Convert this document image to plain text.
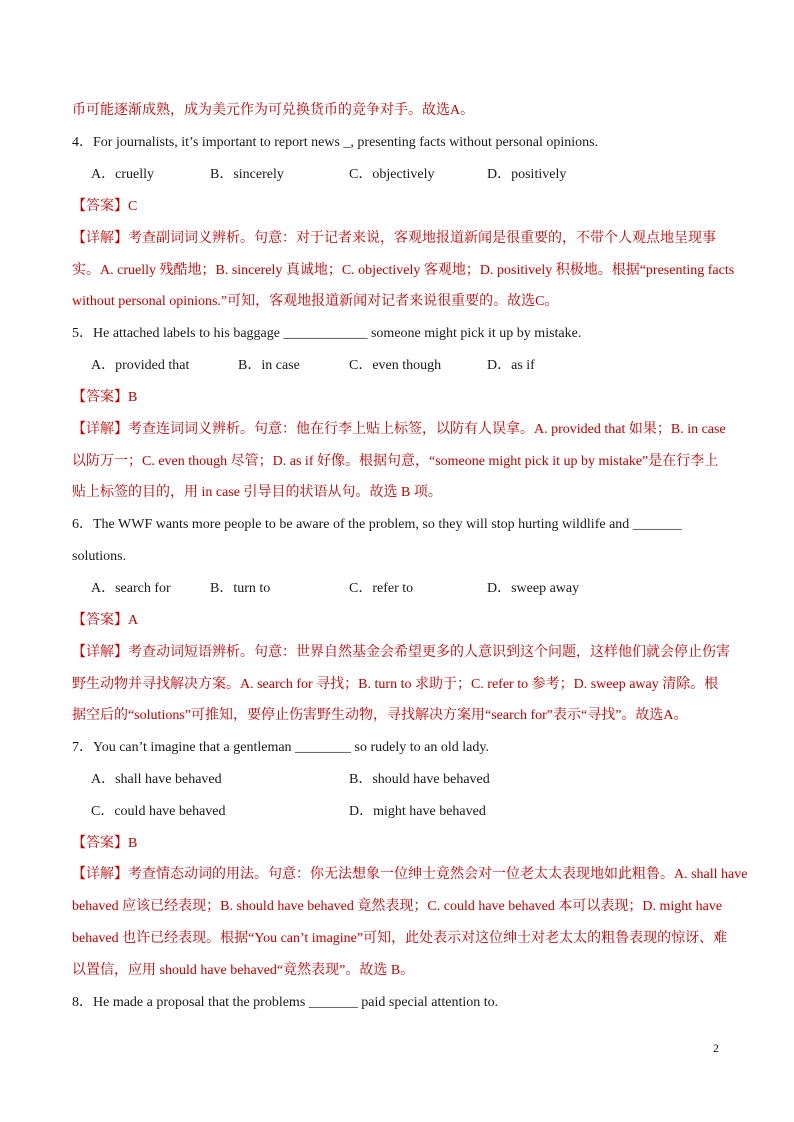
币可能逐渐成熟，成为美元作为可兑换货币的竞争对手。故选A。
4．For journalists, it’s important to report news _, presenting facts without personal opinions.
A．cruelly	B．sincerely	C．objectively	D．positively
【答案】C
【详解】考查副词词义辨析。句意：对于记者来说，客观地报道新闻是很重要的，不带个人观点地呈现事
实。A. cruelly 残酷地；B. sincerely 真诚地；C. objectively 客观地；D. positively 积极地。根据“presenting facts
without personal opinions.”可知，客观地报道新闻对记者来说很重要的。故选C。
5．He attached labels to his baggage ____________ someone might pick it up by mistake.
A．provided that	B．in case	C．even though	D．as if
【答案】B
【详解】考查连词词义辨析。句意：他在行李上贴上标签，以防有人误拿。A. provided that 如果；B. in case
以防万一；C. even though 尽管；D. as if 好像。根据句意，“someone might pick it up by mistake”是在行李上
贴上标签的目的，用 in case 引导目的状语从句。故选 B 项。
6．The WWF wants more people to be aware of the problem, so they will stop hurting wildlife and _______
solutions.
A．search for	B．turn to	C．refer to	D．sweep away
【答案】A
【详解】考查动词短语辨析。句意：世界自然基金会希望更多的人意识到这个问题，这样他们就会停止伤害
野生动物并寻找解决方案。A. search for 寻找；B. turn to 求助于；C. refer to 参考；D. sweep away 清除。根
据空后的“solutions”可推知，要停止伤害野生动物，寻找解决方案用“search for”表示“寻找”。故选A。
7．You can’t imagine that a gentleman ________ so rudely to an old lady.
A．shall have behaved	B．should have behaved
C．could have behaved	D．might have behaved
【答案】B
【详解】考查情态动词的用法。句意：你无法想象一位绅士竟然会对一位老太太表现地如此粗鲁。A. shall have
behaved 应该已经表现；B. should have behaved 竟然表现；C. could have behaved 本可以表现；D. might have
behaved 也许已经表现。根据“You can’t imagine”可知，此处表示对这位绅士对老太太的粗鲁表现的惊讶、难
以置信，应用 should have behaved“竟然表现”。故选 B。
8．He made a proposal that the problems _______ paid special attention to.
2
